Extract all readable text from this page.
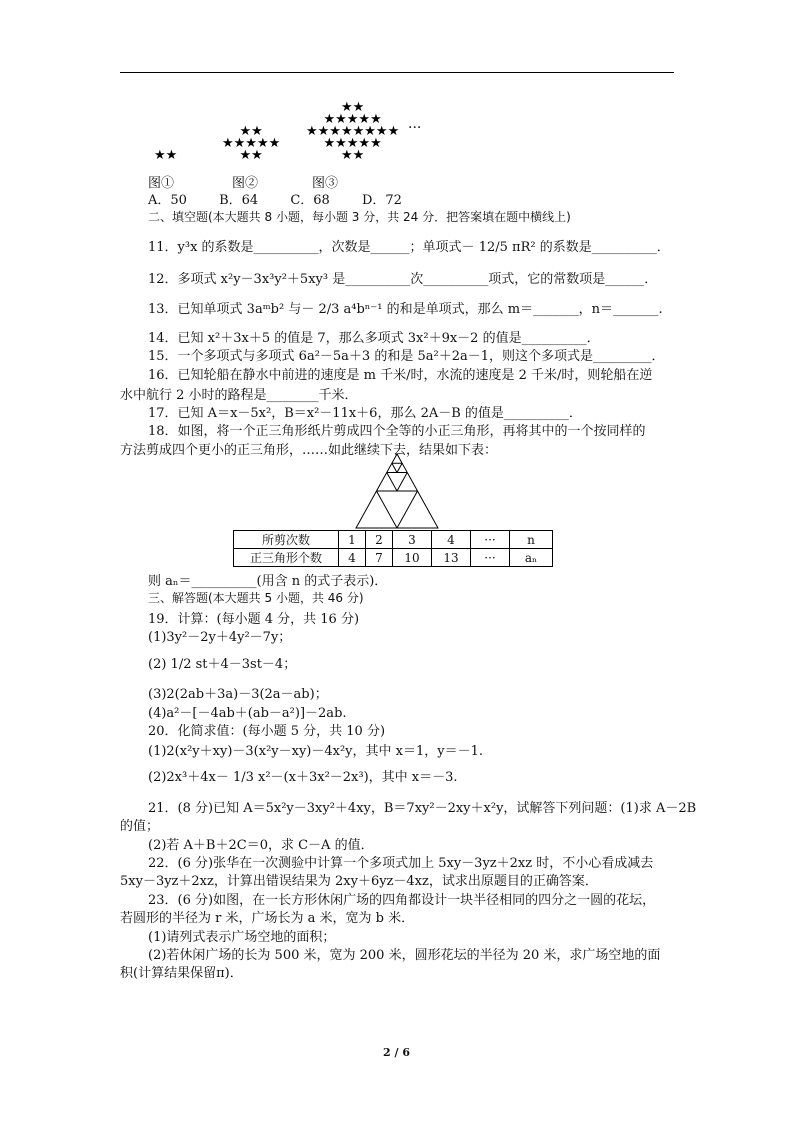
★★
★★
★★★★★
★★
★★
★★★★★
★★★★★★★★
★★★★★
★★
···
图①	图②	图③
A．50 B．64 C．68 D．72
二、填空题(本大题共 8 小题，每小题 3 分，共 24 分．把答案填在题中横线上)
11．y³x 的系数是__________，次数是______；单项式－ 12/5 πR² 的系数是__________．
12．多项式 x²y－3x³y²＋5xy³ 是__________次__________项式，它的常数项是______．
13．已知单项式 3aᵐb² 与－ 2/3 a⁴bⁿ⁻¹ 的和是单项式，那么 m＝_______，n＝_______.
14．已知 x²＋3x＋5 的值是 7，那么多项式 3x²＋9x－2 的值是__________．
15．一个多项式与多项式 6a²－5a＋3 的和是 5a²＋2a－1，则这个多项式是_________．
16．已知轮船在静水中前进的速度是 m 千米/时，水流的速度是 2 千米/时，则轮船在逆
水中航行 2 小时的路程是________千米．
17．已知 A＝x－5x²，B＝x²－11x＋6，那么 2A－B 的值是__________．
18．如图，将一个正三角形纸片剪成四个全等的小正三角形，再将其中的一个按同样的
方法剪成四个更小的正三角形，……如此继续下去，结果如下表：
所剪次数	1	2	3	4	···	n
正三角形个数	4	7	10	13	···	aₙ
则 aₙ＝__________(用含 n 的式子表示)．
三、解答题(本大题共 5 小题，共 46 分)
19．计算：(每小题 4 分，共 16 分)
(1)3y²－2y＋4y²－7y；
(2) 1/2 st＋4－3st－4；
(3)2(2ab＋3a)－3(2a－ab)；
(4)a²－[－4ab＋(ab－a²)]－2ab.
20．化简求值：(每小题 5 分，共 10 分)
(1)2(x²y＋xy)－3(x²y－xy)－4x²y，其中 x＝1，y＝－1.
(2)2x³＋4x－ 1/3 x²－(x＋3x²－2x³)，其中 x＝－3.
21．(8 分)已知 A＝5x²y－3xy²＋4xy，B＝7xy²－2xy＋x²y，试解答下列问题：(1)求 A－2B
的值；
(2)若 A＋B＋2C＝0，求 C－A 的值．
22．(6 分)张华在一次测验中计算一个多项式加上 5xy－3yz＋2xz 时，不小心看成减去
5xy－3yz＋2xz，计算出错误结果为 2xy＋6yz－4xz，试求出原题目的正确答案．
23．(6 分)如图，在一长方形休闲广场的四角都设计一块半径相同的四分之一圆的花坛，
若圆形的半径为 r 米，广场长为 a 米，宽为 b 米．
(1)请列式表示广场空地的面积；
(2)若休闲广场的长为 500 米，宽为 200 米，圆形花坛的半径为 20 米，求广场空地的面
积(计算结果保留π)．
2 / 6
